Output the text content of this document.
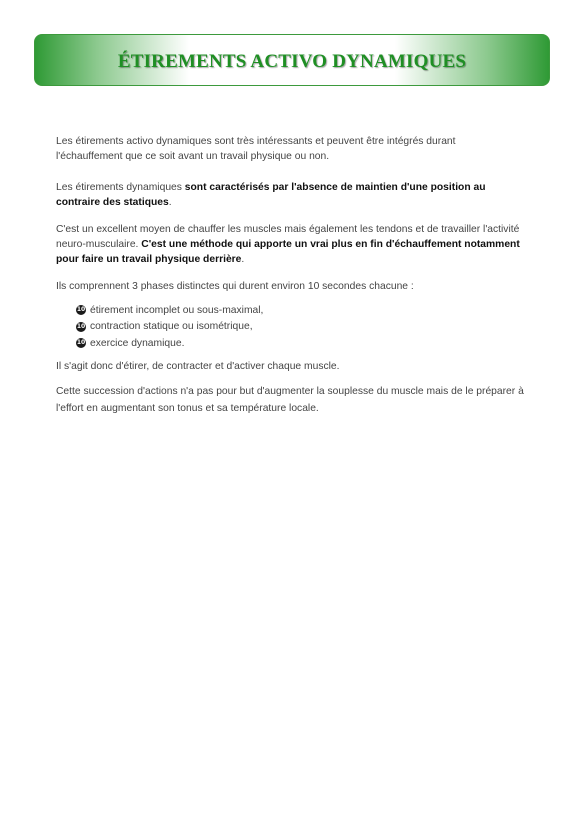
ÉTIREMENTS ACTIVO DYNAMIQUES

Les étirements activo dynamiques sont très intéressants et peuvent être intégrés durant l'échauffement que ce soit avant un travail physique ou non.

Les étirements dynamiques sont caractérisés par l'absence de maintien d'une position au contraire des statiques.

C'est un excellent moyen de chauffer les muscles mais également les tendons et de travailler l'activité neuro-musculaire. C'est une méthode qui apporte un vrai plus en fin d'échauffement notamment pour faire un travail physique derrière.

Ils comprennent 3 phases distinctes qui durent environ 10 secondes chacune :

10 étirement incomplet ou sous-maximal,
10 contraction statique ou isométrique,
10 exercice dynamique.

Il s'agit donc d'étirer, de contracter et d'activer chaque muscle.

Cette succession d'actions n'a pas pour but d'augmenter la souplesse du muscle mais de le préparer à l'effort en augmentant son tonus et sa température locale.
